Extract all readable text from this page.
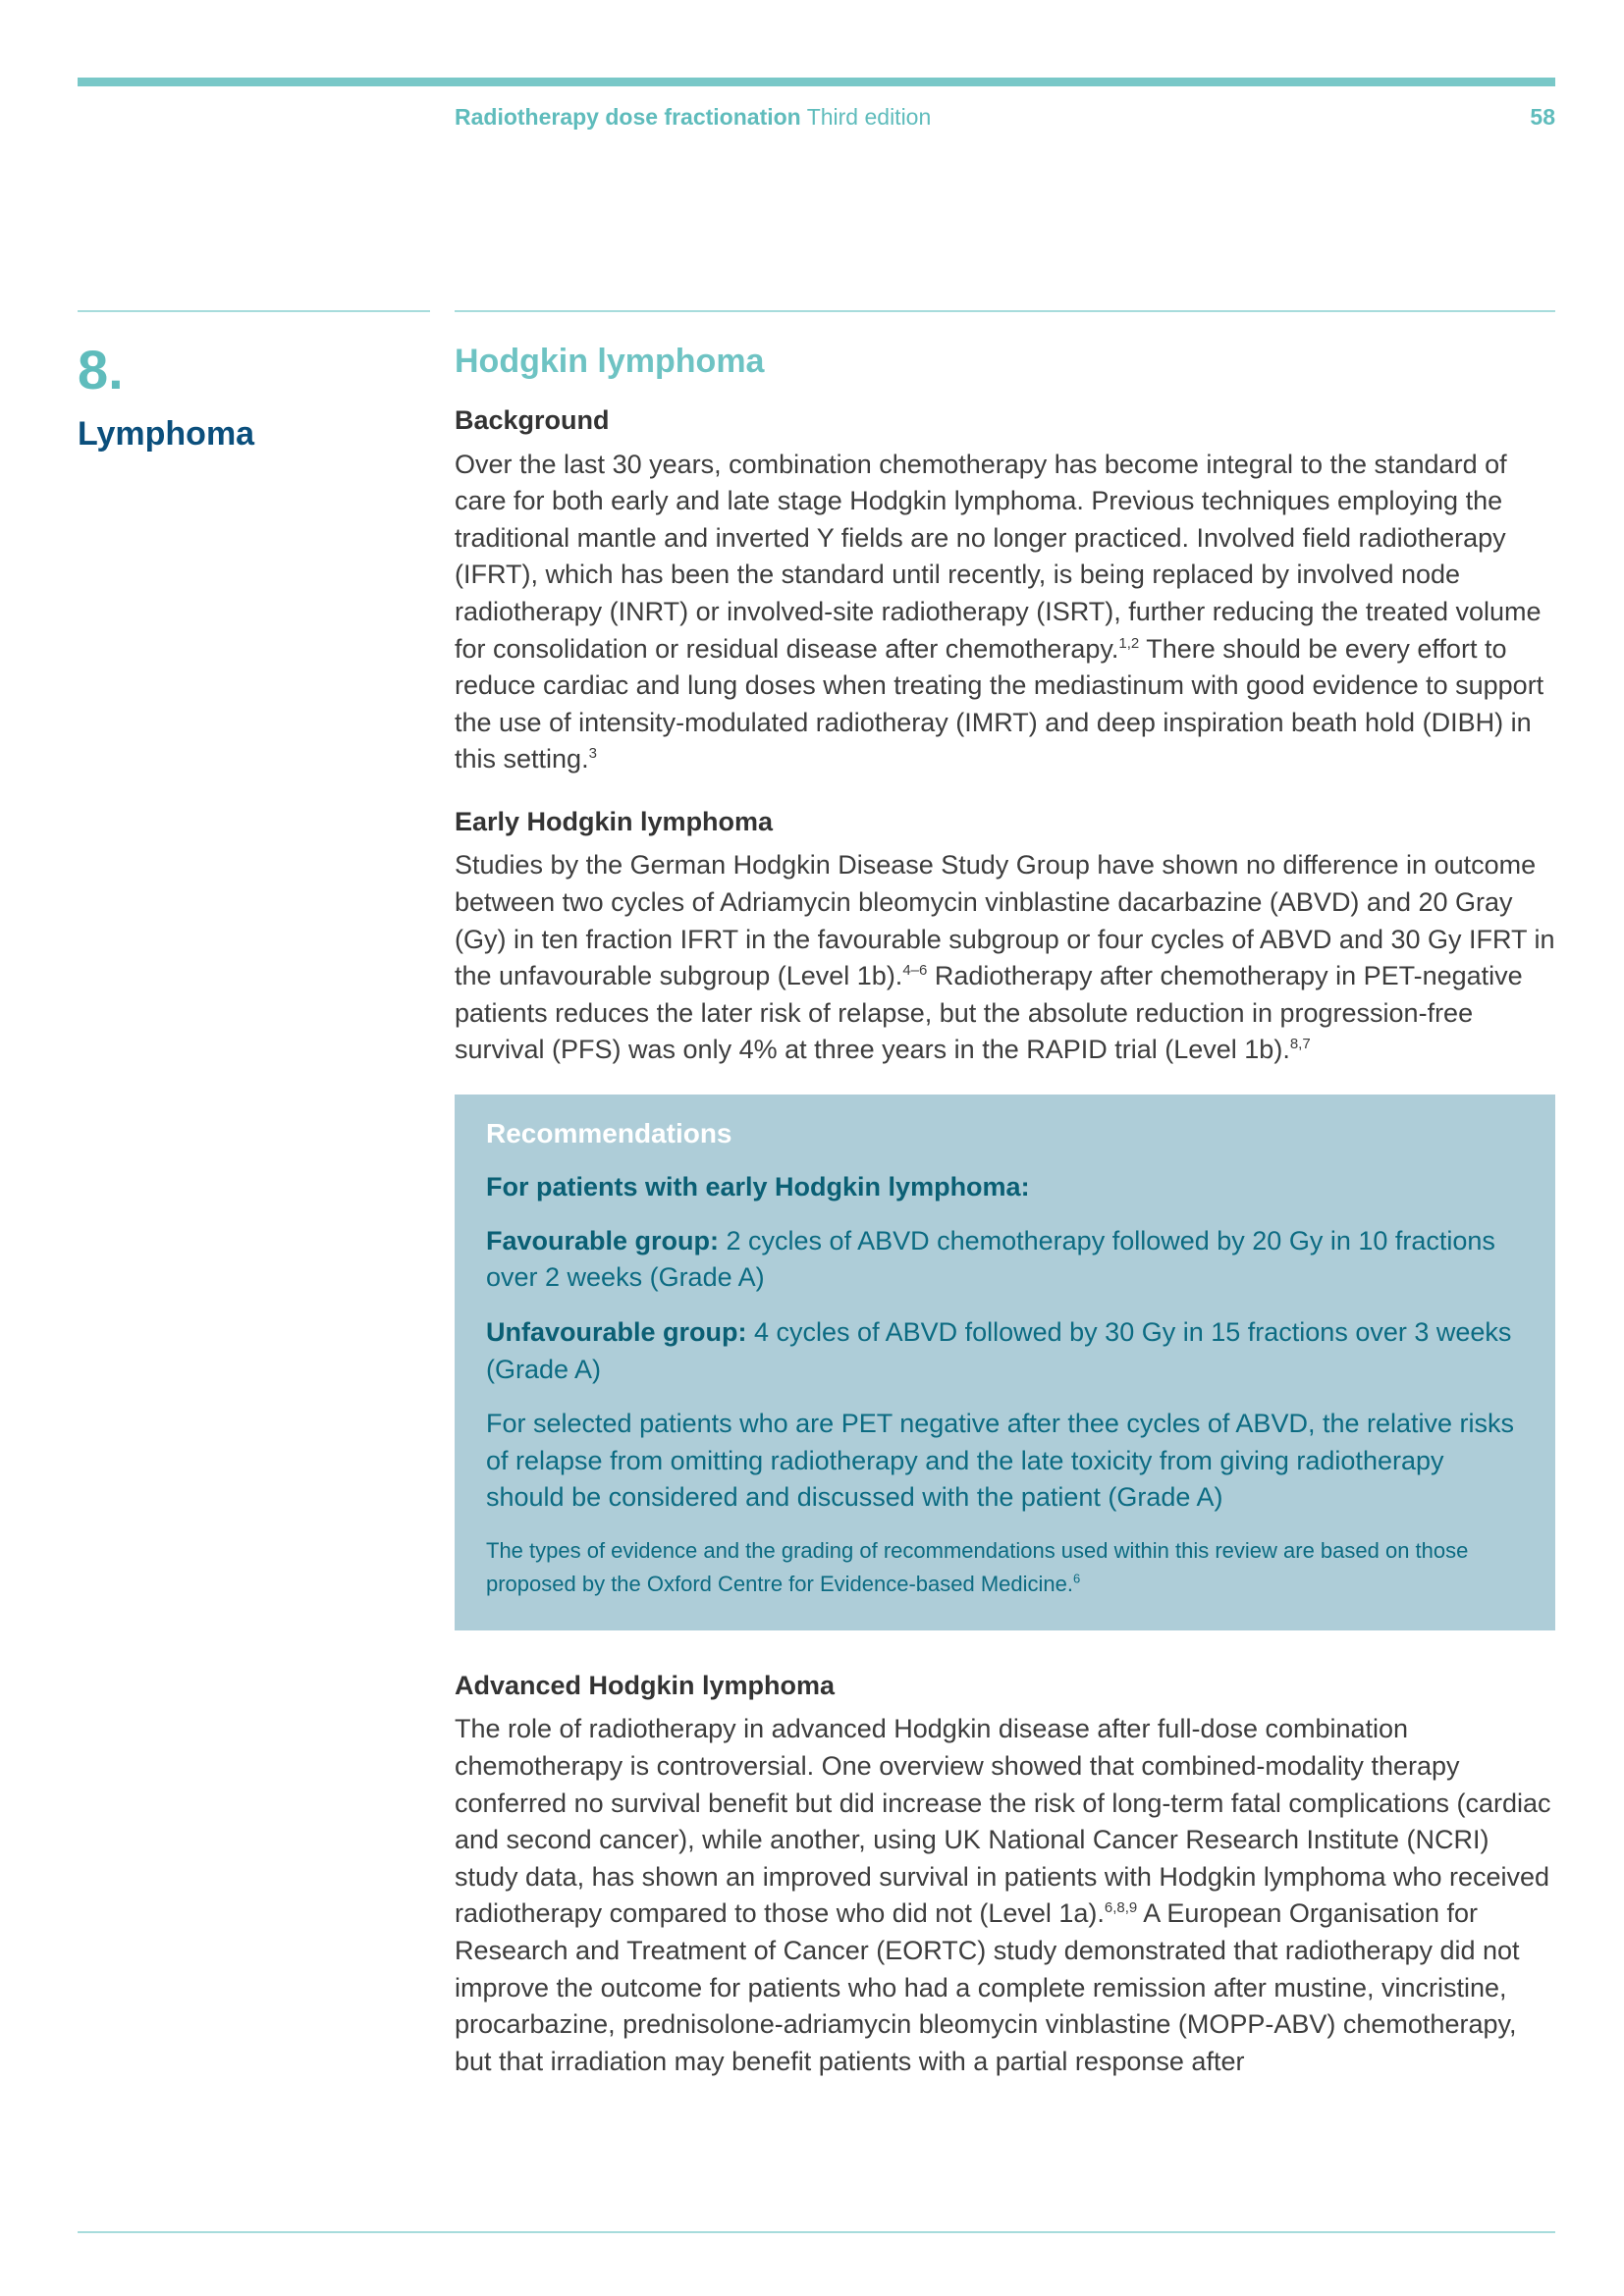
Radiotherapy dose fractionation Third edition	58
8.
Lymphoma
Hodgkin lymphoma
Background

Over the last 30 years, combination chemotherapy has become integral to the standard of care for both early and late stage Hodgkin lymphoma. Previous techniques employing the traditional mantle and inverted Y fields are no longer practiced. Involved field radiotherapy (IFRT), which has been the standard until recently, is being replaced by involved node radiotherapy (INRT) or involved-site radiotherapy (ISRT), further reducing the treated volume for consolidation or residual disease after chemotherapy.$^{1,2}$ There should be every effort to reduce cardiac and lung doses when treating the mediastinum with good evidence to support the use of intensity-modulated radiotheray (IMRT) and deep inspiration beath hold (DIBH) in this setting.$^3$

Early Hodgkin lymphoma

Studies by the German Hodgkin Disease Study Group have shown no difference in outcome between two cycles of Adriamycin bleomycin vinblastine dacarbazine (ABVD) and 20 Gray (Gy) in ten fraction IFRT in the favourable subgroup or four cycles of ABVD and 30 Gy IFRT in the unfavourable subgroup (Level 1b).$^{4-6}$ Radiotherapy after chemotherapy in PET-negative patients reduces the later risk of relapse, but the absolute reduction in progression-free survival (PFS) was only 4% at three years in the RAPID trial (Level 1b).$^{8,7}$

Recommendations
For patients with early Hodgkin lymphoma:

Favourable group: 2 cycles of ABVD chemotherapy followed by 20 Gy in 10 fractions over 2 weeks (Grade A)

Unfavourable group: 4 cycles of ABVD followed by 30 Gy in 15 fractions over 3 weeks (Grade A)

For selected patients who are PET negative after thee cycles of ABVD, the relative risks of relapse from omitting radiotherapy and the late toxicity from giving radiotherapy should be considered and discussed with the patient (Grade A)

The types of evidence and the grading of recommendations used within this review are based on those proposed by the Oxford Centre for Evidence-based Medicine.$^6$

Advanced Hodgkin lymphoma

The role of radiotherapy in advanced Hodgkin disease after full-dose combination chemotherapy is controversial. One overview showed that combined-modality therapy conferred no survival benefit but did increase the risk of long-term fatal complications (cardiac and second cancer), while another, using UK National Cancer Research Institute (NCRI) study data, has shown an improved survival in patients with Hodgkin lymphoma who received radiotherapy compared to those who did not (Level 1a).$^{6,8,9}$ A European Organisation for Research and Treatment of Cancer (EORTC) study demonstrated that radiotherapy did not improve the outcome for patients who had a complete remission after mustine, vincristine, procarbazine, prednisolone-adriamycin bleomycin vinblastine (MOPP-ABV) chemotherapy, but that irradiation may benefit patients with a partial response after
